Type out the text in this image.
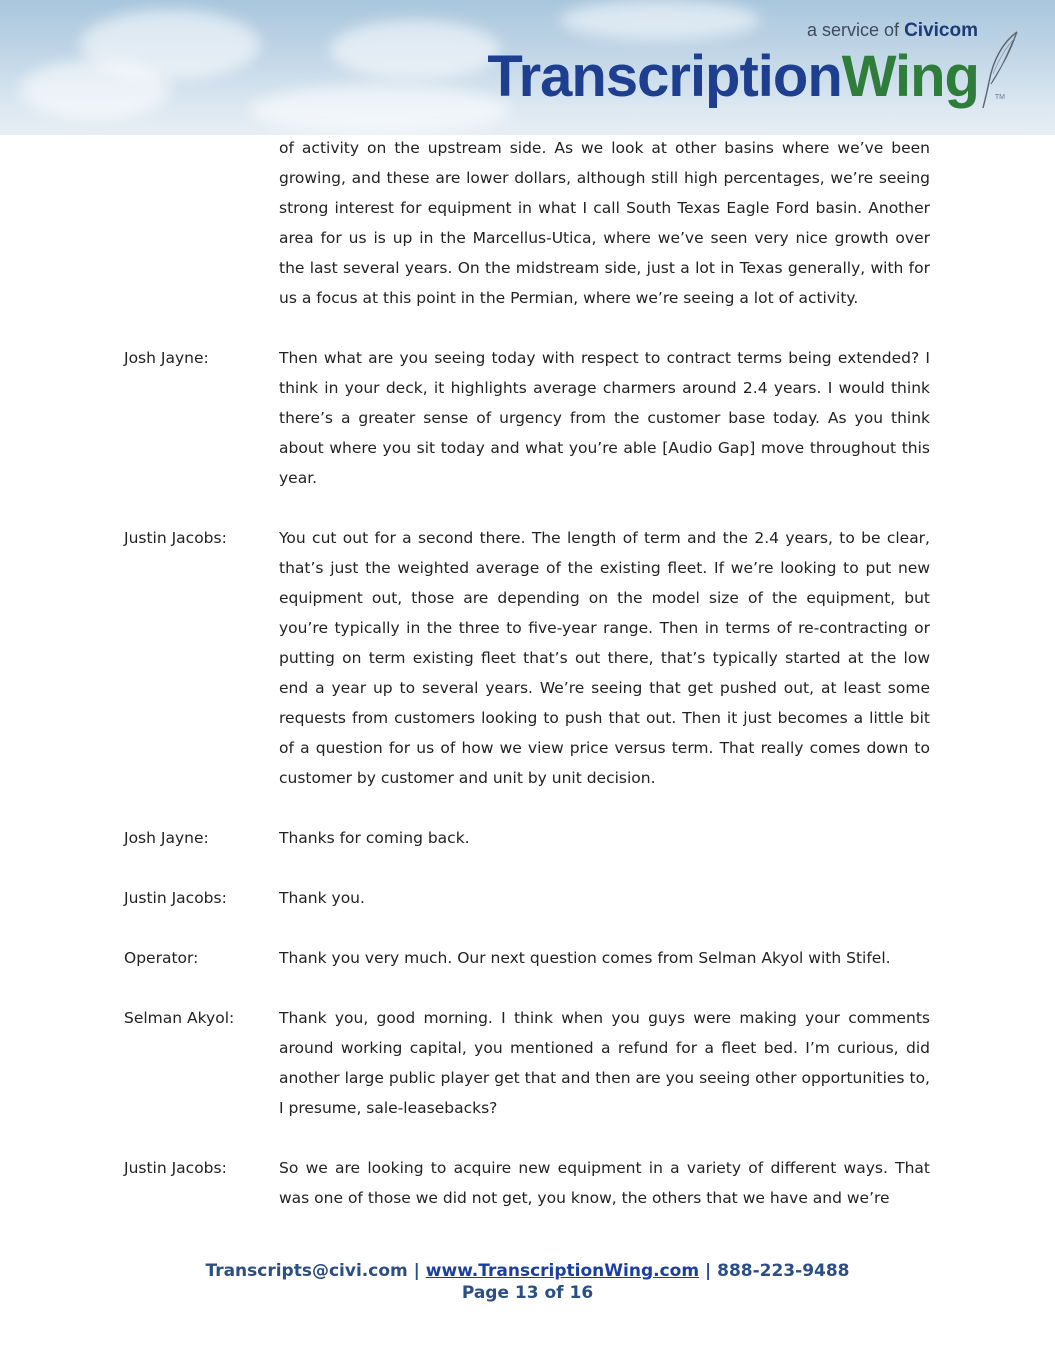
a service of Civicom
TranscriptionWing TM
of activity on the upstream side. As we look at other basins where we’ve been growing, and these are lower dollars, although still high percentages, we’re seeing strong interest for equipment in what I call South Texas Eagle Ford basin. Another area for us is up in the Marcellus-Utica, where we’ve seen very nice growth over the last several years. On the midstream side, just a lot in Texas generally, with for us a focus at this point in the Permian, where we’re seeing a lot of activity.
Josh Jayne:	Then what are you seeing today with respect to contract terms being extended? I think in your deck, it highlights average charmers around 2.4 years. I would think there’s a greater sense of urgency from the customer base today. As you think about where you sit today and what you’re able [Audio Gap] move throughout this year.
Justin Jacobs:	You cut out for a second there. The length of term and the 2.4 years, to be clear, that’s just the weighted average of the existing fleet. If we’re looking to put new equipment out, those are depending on the model size of the equipment, but you’re typically in the three to five-year range. Then in terms of re-contracting or putting on term existing fleet that’s out there, that’s typically started at the low end a year up to several years. We’re seeing that get pushed out, at least some requests from customers looking to push that out. Then it just becomes a little bit of a question for us of how we view price versus term. That really comes down to customer by customer and unit by unit decision.
Josh Jayne:	Thanks for coming back.
Justin Jacobs:	Thank you.
Operator:	Thank you very much. Our next question comes from Selman Akyol with Stifel.
Selman Akyol:	Thank you, good morning. I think when you guys were making your comments around working capital, you mentioned a refund for a fleet bed. I’m curious, did another large public player get that and then are you seeing other opportunities to, I presume, sale-leasebacks?
Justin Jacobs:	So we are looking to acquire new equipment in a variety of different ways. That was one of those we did not get, you know, the others that we have and we’re
Transcripts@civi.com | www.TranscriptionWing.com | 888-223-9488
Page 13 of 16
